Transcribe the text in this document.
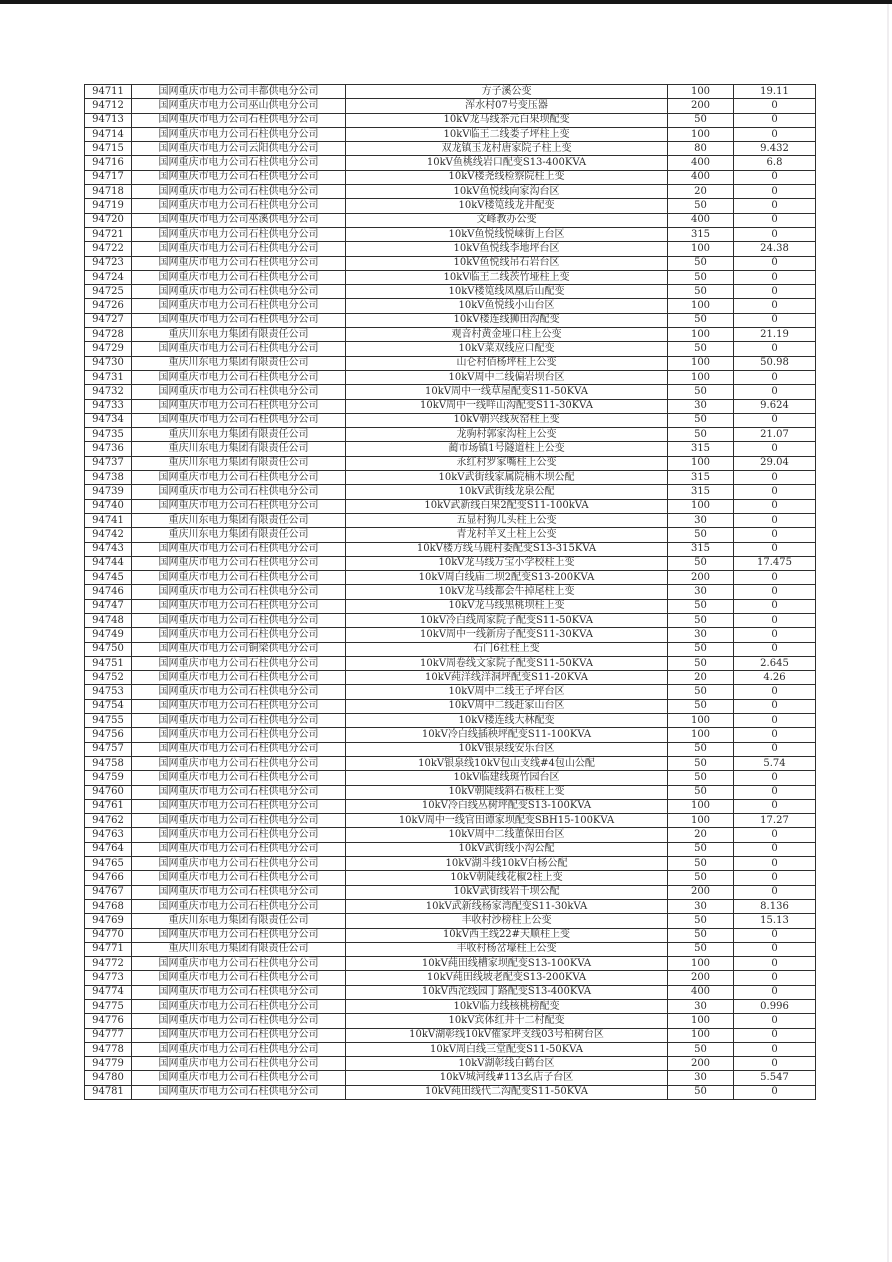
94711	国网重庆市电力公司丰都供电分公司	方子溪公变	100	19.11
94712	国网重庆市电力公司巫山供电分公司	浑水村07号变压器	200	0
94713	国网重庆市电力公司石柱供电分公司	10kV龙马线茶元白果坝配变	50	0
94714	国网重庆市电力公司石柱供电分公司	10kV临王二线娄子坪柱上变	100	0
94715	国网重庆市电力公司云阳供电分公司	双龙镇玉龙村唐家院子柱上变	80	9.432
94716	国网重庆市电力公司石柱供电分公司	10kV鱼桃线岩口配变S13-400KVA	400	6.8
94717	国网重庆市电力公司石柱供电分公司	10kV楼尧线检察院柱上变	400	0
94718	国网重庆市电力公司石柱供电分公司	10kV鱼悦线向家沟台区	20	0
94719	国网重庆市电力公司石柱供电分公司	10kV楼笕线龙井配变	50	0
94720	国网重庆市电力公司巫溪供电分公司	文峰教办公变	400	0
94721	国网重庆市电力公司石柱供电分公司	10kV鱼悦线悦崃街上台区	315	0
94722	国网重庆市电力公司石柱供电分公司	10kV鱼悦线李地坪台区	100	24.38
94723	国网重庆市电力公司石柱供电分公司	10kV鱼悦线吊石岩台区	50	0
94724	国网重庆市电力公司石柱供电分公司	10kV临王二线茨竹垭柱上变	50	0
94725	国网重庆市电力公司石柱供电分公司	10kV楼笕线凤凰后山配变	50	0
94726	国网重庆市电力公司石柱供电分公司	10kV鱼悦线小山台区	100	0
94727	国网重庆市电力公司石柱供电分公司	10kV楼连线狮田沟配变	50	0
94728	重庆川东电力集团有限责任公司	观音村黄金垭口柱上公变	100	21.19
94729	国网重庆市电力公司石柱供电分公司	10kV菜双线应口配变	50	0
94730	重庆川东电力集团有限责任公司	山仑村佰杨坪柱上公变	100	50.98
94731	国网重庆市电力公司石柱供电分公司	10kV周中二线偏岩坝台区	100	0
94732	国网重庆市电力公司石柱供电分公司	10kV周中一线草屋配变S11-50KVA	50	0
94733	国网重庆市电力公司石柱供电分公司	10kV周中一线咩山沟配变S11-30KVA	30	9.624
94734	国网重庆市电力公司石柱供电分公司	10kV朝兴线灰窑柱上变	50	0
94735	重庆川东电力集团有限责任公司	龙驹村郭家沟柱上公变	50	21.07
94736	重庆川东电力集团有限责任公司	蔺市场镇1号隧道柱上公变	315	0
94737	重庆川东电力集团有限责任公司	永红村罗家嘴柱上公变	100	29.04
94738	国网重庆市电力公司石柱供电分公司	10kV武街线家属院楠木坝公配	315	0
94739	国网重庆市电力公司石柱供电分公司	10kV武街线龙泉公配	315	0
94740	国网重庆市电力公司石柱供电分公司	10kV武新线白果2配变S11-100kVA	100	0
94741	重庆川东电力集团有限责任公司	五显村狗儿头柱上公变	30	0
94742	重庆川东电力集团有限责任公司	青龙村羊叉土柱上公变	50	0
94743	国网重庆市电力公司石柱供电分公司	10kV楼方线马鹿村委配变S13-315KVA	315	0
94744	国网重庆市电力公司石柱供电分公司	10kV龙马线万宝小学校柱上变	50	17.475
94745	国网重庆市电力公司石柱供电分公司	10kV周白线庙二坝2配变S13-200KVA	200	0
94746	国网重庆市电力公司石柱供电分公司	10kV龙马线都会牛掉尾柱上变	30	0
94747	国网重庆市电力公司石柱供电分公司	10kV龙马线黑桃坝柱上变	50	0
94748	国网重庆市电力公司石柱供电分公司	10kV冷白线周家院子配变S11-50KVA	50	0
94749	国网重庆市电力公司石柱供电分公司	10kV周中一线新房子配变S11-30KVA	30	0
94750	国网重庆市电力公司铜梁供电分公司	石门6社柱上变	50	0
94751	国网重庆市电力公司石柱供电分公司	10kV周卷线文家院子配变S11-50KVA	50	2.645
94752	国网重庆市电力公司石柱供电分公司	10kV莼洋线洋洞坪配变S11-20KVA	20	4.26
94753	国网重庆市电力公司石柱供电分公司	10kV周中二线王子坪台区	50	0
94754	国网重庆市电力公司石柱供电分公司	10kV周中二线赶家山台区	50	0
94755	国网重庆市电力公司石柱供电分公司	10kV楼连线大林配变	100	0
94756	国网重庆市电力公司石柱供电分公司	10kV冷白线插秧坪配变S11-100KVA	100	0
94757	国网重庆市电力公司石柱供电分公司	10kV银泉线安乐台区	50	0
94758	国网重庆市电力公司石柱供电分公司	10kV银泉线10kV包山支线#4包山公配	50	5.74
94759	国网重庆市电力公司石柱供电分公司	10kV临建线斑竹园台区	50	0
94760	国网重庆市电力公司石柱供电分公司	10kV朝陡线斜石板柱上变	50	0
94761	国网重庆市电力公司石柱供电分公司	10kV冷白线丛树坪配变S13-100KVA	100	0
94762	国网重庆市电力公司石柱供电分公司	10kV周中一线官田谭家坝配变SBH15-100KVA	100	17.27
94763	国网重庆市电力公司石柱供电分公司	10kV周中二线董保田台区	20	0
94764	国网重庆市电力公司石柱供电分公司	10kV武街线小沟公配	50	0
94765	国网重庆市电力公司石柱供电分公司	10kV湖斗线10kV白杨公配	50	0
94766	国网重庆市电力公司石柱供电分公司	10kV朝陡线花椒2柱上变	50	0
94767	国网重庆市电力公司石柱供电分公司	10kV武街线岩千坝公配	200	0
94768	国网重庆市电力公司石柱供电分公司	10kV武新线杨家湾配变S11-30kVA	30	8.136
94769	重庆川东电力集团有限责任公司	丰收村沙榜柱上公变	50	15.13
94770	国网重庆市电力公司石柱供电分公司	10kV西王线22#天顺柱上变	50	0
94771	重庆川东电力集团有限责任公司	丰收村杨岔壕柱上公变	50	0
94772	国网重庆市电力公司石柱供电分公司	10kV莼田线槽家坝配变S13-100KVA	100	0
94773	国网重庆市电力公司石柱供电分公司	10kV莼田线坡老配变S13-200KVA	200	0
94774	国网重庆市电力公司石柱供电分公司	10kV西沱线园丁路配变S13-400KVA	400	0
94775	国网重庆市电力公司石柱供电分公司	10kV临力线核桃榜配变	30	0.996
94776	国网重庆市电力公司石柱供电分公司	10kV宾体红井十二村配变	100	0
94777	国网重庆市电力公司石柱供电分公司	10kV湖彰线10kV傕家坪支线03号柏树台区	100	0
94778	国网重庆市电力公司石柱供电分公司	10kV周白线三堂配变S11-50KVA	50	0
94779	国网重庆市电力公司石柱供电分公司	10kV湖彰线白鹤台区	200	0
94780	国网重庆市电力公司石柱供电分公司	10kV城河线#113幺店子台区	30	5.547
94781	国网重庆市电力公司石柱供电分公司	10kV莼田线代二沟配变S11-50KVA	50	0
